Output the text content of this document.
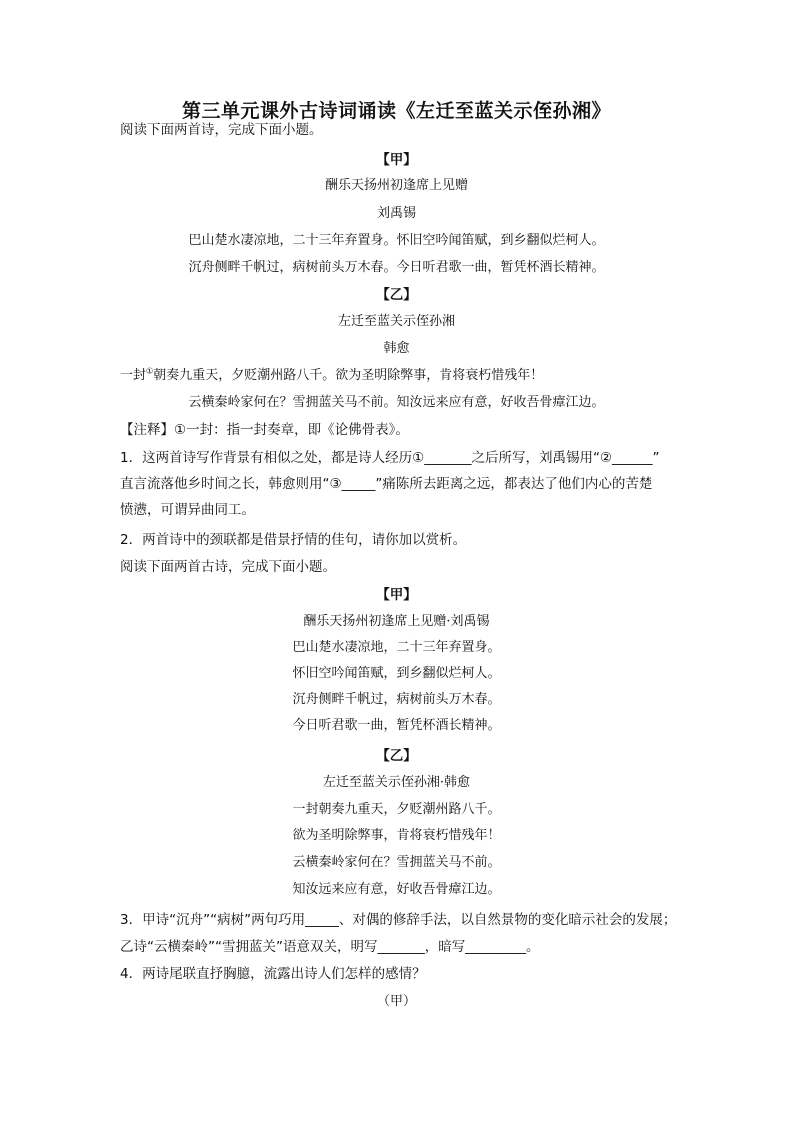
第三单元课外古诗词诵读《左迁至蓝关示侄孙湘》
阅读下面两首诗，完成下面小题。
【甲】
酬乐天扬州初逢席上见赠
刘禹锡
巴山楚水凄凉地，二十三年弃置身。怀旧空吟闻笛赋，到乡翻似烂柯人。
沉舟侧畔千帆过，病树前头万木春。今日听君歌一曲，暂凭杯酒长精神。
【乙】
左迁至蓝关示侄孙湘
韩愈
一封①朝奏九重天，夕贬潮州路八千。欲为圣明除弊事，肯将衰朽惜残年！
云横秦岭家何在？雪拥蓝关马不前。知汝远来应有意，好收吾骨瘴江边。
【注释】①一封：指一封奏章，即《论佛骨表》。
1．这两首诗写作背景有相似之处，都是诗人经历①_______之后所写，刘禹锡用“②______”
直言流落他乡时间之长，韩愈则用“③_____”痛陈所去距离之远，都表达了他们内心的苦楚
愤懑，可谓异曲同工。
2．两首诗中的颈联都是借景抒情的佳句，请你加以赏析。
阅读下面两首古诗，完成下面小题。
【甲】
酬乐天扬州初逢席上见赠·刘禹锡
巴山楚水凄凉地，二十三年弃置身。
怀旧空吟闻笛赋，到乡翻似烂柯人。
沉舟侧畔千帆过，病树前头万木春。
今日听君歌一曲，暂凭杯酒长精神。
【乙】
左迁至蓝关示侄孙湘·韩愈
一封朝奏九重天，夕贬潮州路八千。
欲为圣明除弊事，肯将衰朽惜残年！
云横秦岭家何在？雪拥蓝关马不前。
知汝远来应有意，好收吾骨瘴江边。
3．甲诗“沉舟”“病树”两句巧用_____、对偶的修辞手法，以自然景物的变化暗示社会的发展；
乙诗“云横秦岭”“雪拥蓝关”语意双关，明写_______，暗写_________。
4．两诗尾联直抒胸臆，流露出诗人们怎样的感情？
（甲）
